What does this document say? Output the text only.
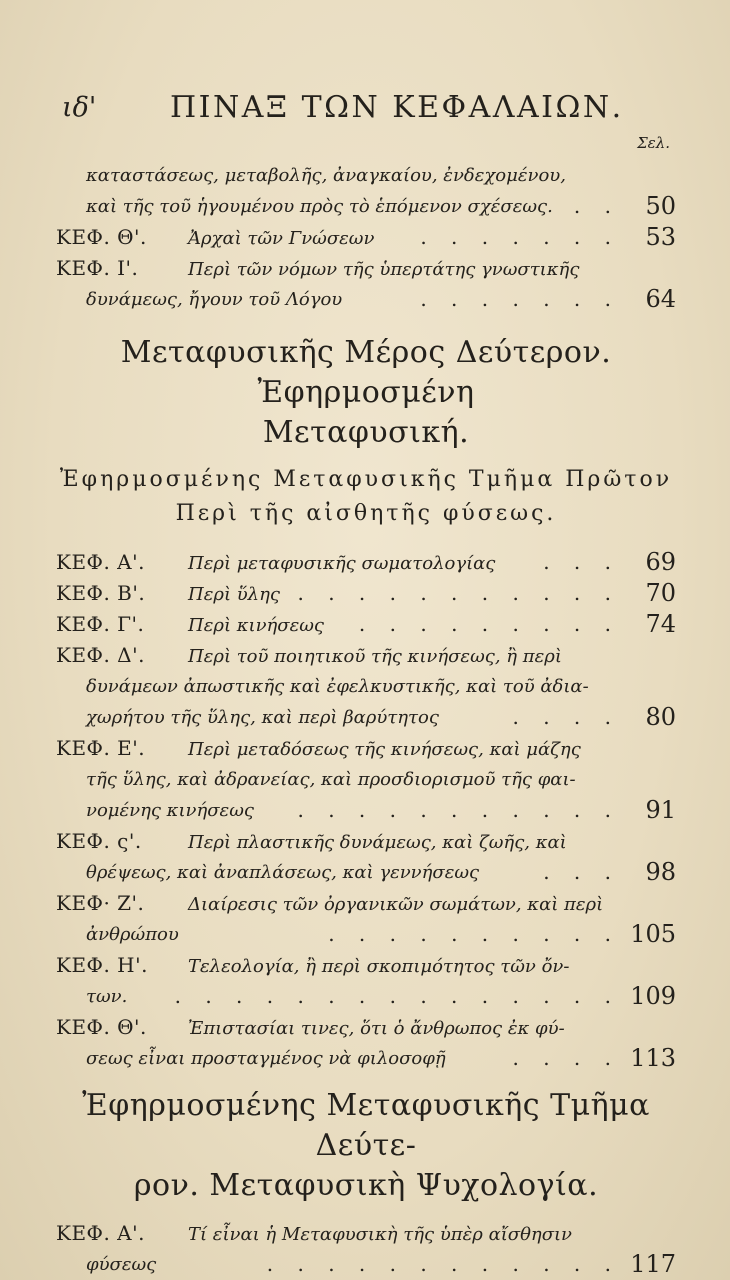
ιδ' ΠΙΝΑΞ ΤΩΝ ΚΕΦΑΛΑΙΩΝ.
Σελ.
καταστάσεως, μεταβολῆς, ἀναγκαίου, ἐνδεχομένου,
καὶ τῆς τοῦ ἡγουμένου πρὸς τὸ ἑπόμενον σχέσεως. . .	50
ΚΕΦ. Θ'. Ἀρχαὶ τῶν Γνώσεων . . . . . . .	53
ΚΕΦ. Ι'.	Περὶ τῶν νόμων τῆς ὑπερτάτης γνωστικῆς
δυνάμεως, ἤγουν τοῦ Λόγου	. . . . . . .	64
Μεταφυσικῆς Μέρος Δεύτερον. Ἐφηρμοσμένη
Μεταφυσική.
Ἐφηρμοσμένης Μεταφυσικῆς Τμῆμα Πρῶτον
Περὶ τῆς αἰσθητῆς φύσεως.
ΚΕΦ. Α'. Περὶ μεταφυσικῆς σωματολογίας . . .	69
ΚΕΦ. Β'. Περὶ ὕλης . . . . . . . . . . .	70
ΚΕΦ. Γ'. Περὶ κινήσεως . . . . . . . . .	74
ΚΕΦ. Δ'. Περὶ τοῦ ποιητικοῦ τῆς κινήσεως, ἢ περὶ
δυνάμεων ἀπωστικῆς καὶ ἐφελκυστικῆς, καὶ τοῦ ἀδια-
χωρήτου τῆς ὕλης, καὶ περὶ βαρύτητος	. . . .	80
ΚΕΦ. Ε'. Περὶ μεταδόσεως τῆς κινήσεως, καὶ μάζης
τῆς ὕλης, καὶ ἀδρανείας, καὶ προσδιορισμοῦ τῆς φαι-
νομένης κινήσεως . . . . . . . . . . .	91
ΚΕΦ. ς'.	Περὶ πλαστικῆς δυνάμεως, καὶ ζωῆς, καὶ
θρέψεως, καὶ ἀναπλάσεως, καὶ γεννήσεως	. . .	98
ΚΕΦ· Ζ'. Διαίρεσις τῶν ὀργανικῶν σωμάτων, καὶ περὶ
ἀνθρώπου	. . . . . . . . . . 105
ΚΕΦ. Η'. Τελεολογία, ἢ περὶ σκοπιμότητος τῶν ὄν-
των. . . . . . . . . . . . . . . . 109
ΚΕΦ. Θ'. Ἐπιστασίαι τινες, ὅτι ὁ ἄνθρωπος ἐκ φύ-
σεως εἶναι προσταγμένος νὰ φιλοσοφῇ	. . . . 113
Ἐφηρμοσμένης Μεταφυσικῆς Τμῆμα Δεύτε-
ρον. Μεταφυσικὴ Ψυχολογία.
ΚΕΦ. Α'. Τί εἶναι ἡ Μεταφυσικὴ τῆς ὑπὲρ αἴσθησιν
φύσεως	. . . . . . . . . . . . 117
